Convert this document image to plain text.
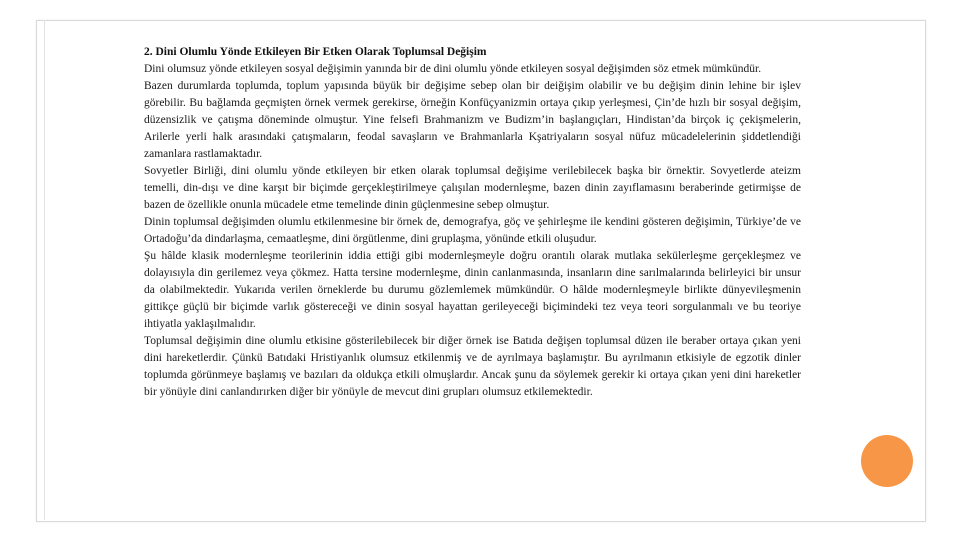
2. Dini Olumlu Yönde Etkileyen Bir Etken Olarak Toplumsal Değişim

Dini olumsuz yönde etkileyen sosyal değişimin yanında bir de dini olumlu yönde etkileyen sosyal değişimden söz etmek mümkündür.

Bazen durumlarda toplumda, toplum yapısında büyük bir değişime sebep olan bir deiğişim olabilir ve bu değişim dinin lehine bir işlev görebilir. Bu bağlamda geçmişten örnek vermek gerekirse, örneğin Konfüçyanizmin ortaya çıkıp yerleşmesi, Çin’de hızlı bir sosyal değişim, düzensizlik ve çatışma döneminde olmuştur. Yine felsefi Brahmanizm ve Budizm’in başlangıçları, Hindistan’da birçok iç çekişmelerin, Arilerle yerli halk arasındaki çatışmaların, feodal savaşların ve Brahmanlarla Kşatriyaların sosyal nüfuz mücadelelerinin şiddetlendiği zamanlara rastlamaktadır.

Sovyetler Birliği, dini olumlu yönde etkileyen bir etken olarak toplumsal değişime verilebilecek başka bir örnektir. Sovyetlerde ateizm temelli, din-dışı ve dine karşıt bir biçimde gerçekleştirilmeye çalışılan modernleşme, bazen dinin zayıflamasını beraberinde getirmişse de bazen de özellikle onunla mücadele etme temelinde dinin güçlenmesine sebep olmuştur.

Dinin toplumsal değişimden olumlu etkilenmesine bir örnek de, demografya, göç ve şehirleşme ile kendini gösteren değişimin, Türkiye’de ve Ortadoğu’da dindarlaşma, cemaatleşme, dini örgütlenme, dini gruplaşma, yönünde etkili oluşudur.

Şu hâlde klasik modernleşme teorilerinin iddia ettiği gibi modernleşmeyle doğru orantılı olarak mutlaka sekülerleşme gerçekleşmez ve dolayısıyla din gerilemez veya çökmez. Hatta tersine modernleşme, dinin canlanmasında, insanların dine sarılmalarında belirleyici bir unsur da olabilmektedir. Yukarıda verilen örneklerde bu durumu gözlemlemek mümkündür. O hâlde modernleşmeyle birlikte dünyevileşmenin gittikçe güçlü bir biçimde varlık göstereceği ve dinin sosyal hayattan gerileyeceği biçimindeki tez veya teori sorgulanmalı ve bu teoriye ihtiyatla yaklaşılmalıdır.

Toplumsal değişimin dine olumlu etkisine gösterilebilecek bir diğer örnek ise Batıda değişen toplumsal düzen ile beraber ortaya çıkan yeni dini hareketlerdir. Çünkü Batıdaki Hristiyanlık olumsuz etkilenmiş ve de ayrılmaya başlamıştır. Bu ayrılmanın etkisiyle de egzotik dinler toplumda görünmeye başlamış ve bazıları da oldukça etkili olmuşlardır. Ancak şunu da söylemek gerekir ki ortaya çıkan yeni dini hareketler bir yönüyle dini canlandırırken diğer bir yönüyle de mevcut dini grupları olumsuz etkilemektedir.
